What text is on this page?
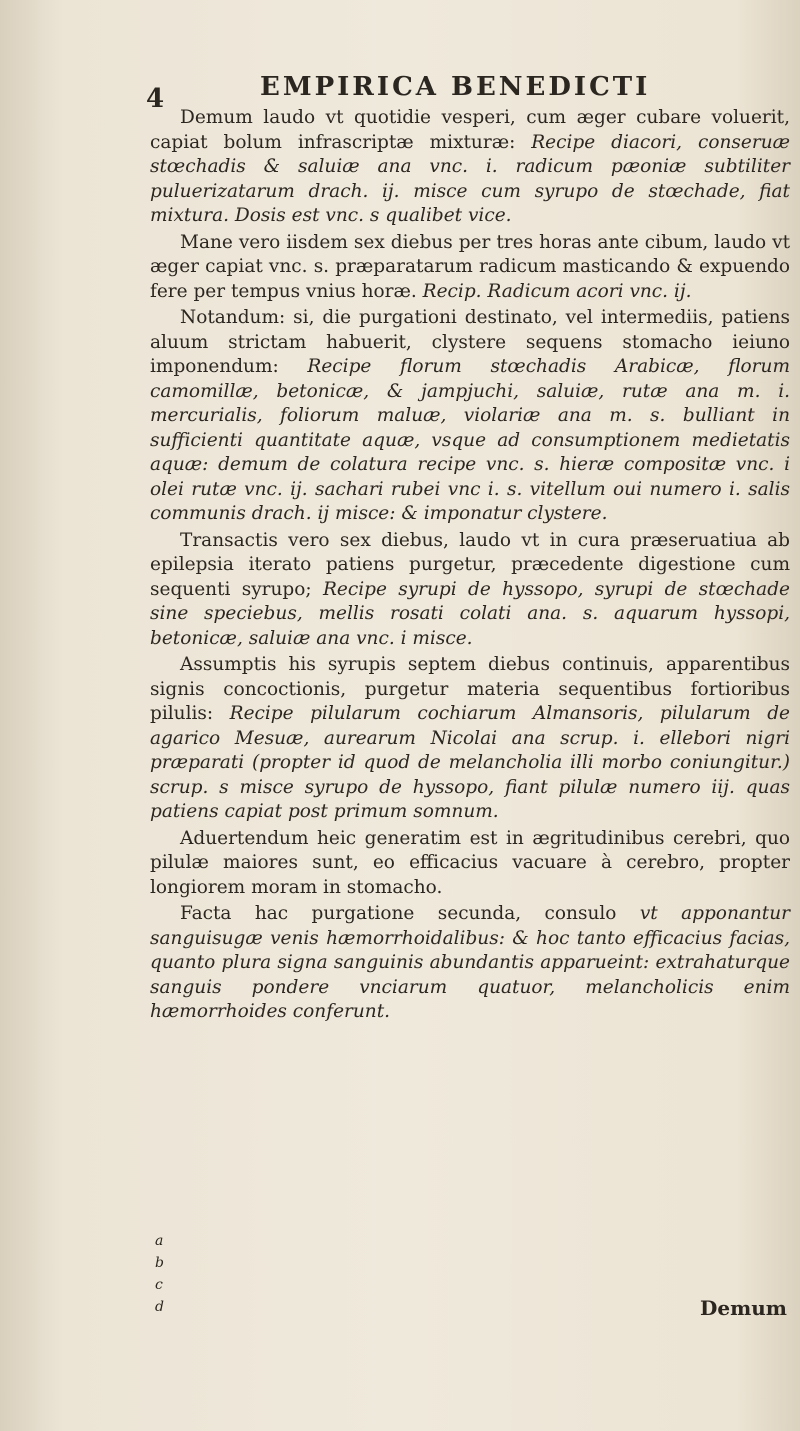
4	EMPIRICA BENEDICTI

Demum laudo vt quotidie vesperi, cum æger cubare voluerit, capiat bolum infrascriptæ mixturæ: Recipe diacori, conseruæ stœchadis & saluiæ ana vnc. i. radicum pæoniæ subtiliter puluerizatarum drach. ij. misce cum syrupo de stœchade, fiat mixtura. Dosis est vnc. s qualibet vice.

Mane vero iisdem sex diebus per tres horas ante cibum, laudo vt æger capiat vnc. s. præparatarum radicum masticando & expuendo fere per tempus vnius horæ. Recip. Radicum acori vnc. ij.

Notandum: si, die purgationi destinato, vel intermediis, patiens aluum strictam habuerit, clystere sequens stomacho ieiuno imponendum: Recipe florum stœchadis Arabicæ, florum camomillæ, betonicæ, & jampjuchi, saluiæ, rutæ ana m. i. mercurialis, foliorum maluæ, violariæ ana m. s. bulliant in sufficienti quantitate aquæ, vsque ad consumptionem medietatis aquæ: demum de colatura recipe vnc. s. hieræ compositæ vnc. i olei rutæ vnc. ij. sachari rubei vnc i. s. vitellum oui numero i. salis communis drach. ij misce: & imponatur clystere.

Transactis vero sex diebus, laudo vt in cura præseruatiua ab epilepsia iterato patiens purgetur, præcedente digestione cum sequenti syrupo; Recipe syrupi de hyssopo, syrupi de stœchade sine speciebus, mellis rosati colati ana. s. aquarum hyssopi, betonicæ, saluiæ ana vnc. i misce.

Assumptis his syrupis septem diebus continuis, apparentibus signis concoctionis, purgetur materia sequentibus fortioribus pilulis: Recipe pilularum cochiarum Almansoris, pilularum de agarico Mesuæ, aurearum Nicolai ana scrup. i. ellebori nigri præparati (propter id quod de melancholia illi morbo coniungitur.) scrup. s misce syrupo de hyssopo, fiant pilulæ numero iij. quas patiens capiat post primum somnum.

Aduertendum heic generatim est in ægritudinibus cerebri, quo pilulæ maiores sunt, eo efficacius vacuare à cerebro, propter longiorem moram in stomacho.

Facta hac purgatione secunda, consulo vt apponantur sanguisugæ venis hæmorrhoidalibus: & hoc tanto efficacius facias, quanto plura signa sanguinis abundantis apparueint: extrahaturque sanguis pondere vnciarum quatuor, melancholicis enim hæmorrhoides conferunt.

a
b
c
d	Demum
